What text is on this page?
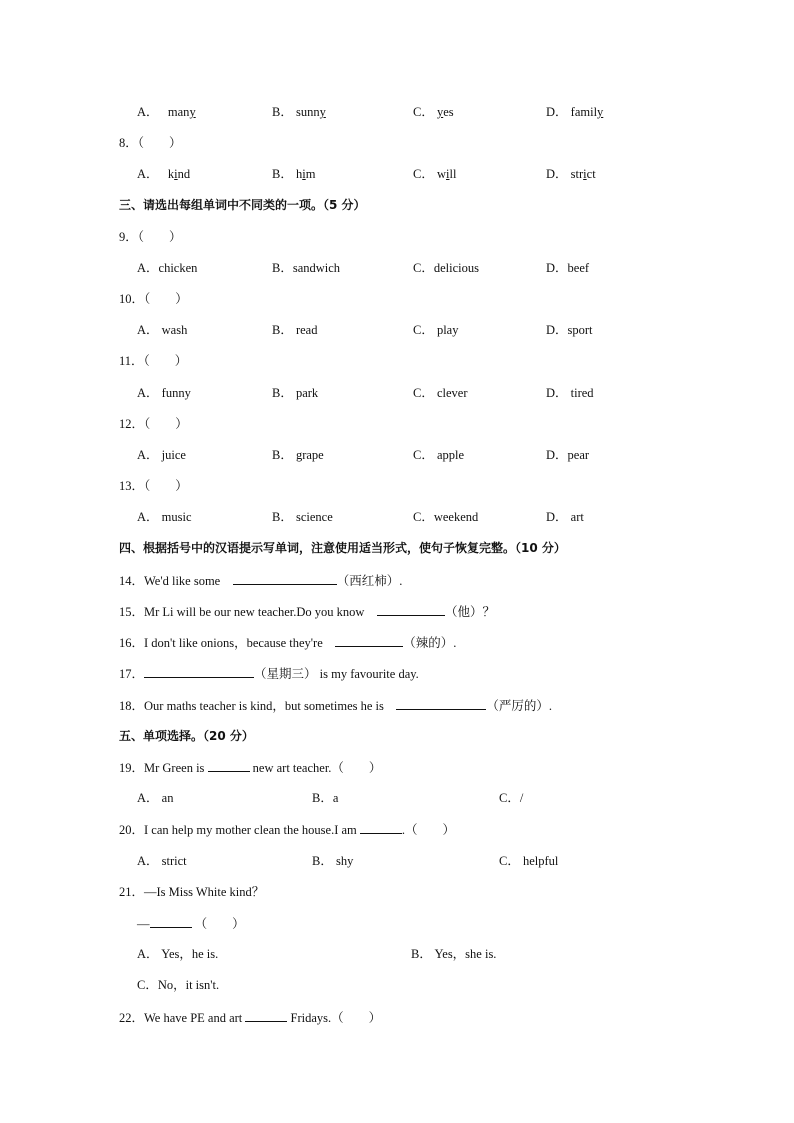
A． many	B． sunny	C． yes	D． family
8．（　　）
A． kind	B． him	C． will	D． strict
三、请选出每组单词中不同类的一项。（5 分）
9．（　　）
A．chicken	B．sandwich	C．delicious	D．beef
10．（　　）
A． wash	B． read	C． play	D．sport
11．（　　）
A． funny	B． park	C． clever	D． tired
12．（　　）
A． juice	B． grape	C． apple	D．pear
13．（　　）
A． music	B． science	C．weekend	D． art
四、根据括号中的汉语提示写单词，注意使用适当形式，使句子恢复完整。（10 分）
14．We'd like some	（西红柿）.
15．Mr Li will be our new teacher.Do you know	（他）？
16．I don't like onions，because they're	（辣的）.
17．	（星期三） is my favourite day.
18．Our maths teacher is kind，but sometimes he is	（严厉的）.
五、单项选择。（20 分）
19．Mr Green is	new art teacher.（　　）
A． an	B．a	C．/
20．I can help my mother clean the house.I am	.（　　）
A． strict	B． shy	C． helpful
21．—Is Miss White kind？
—	（　　）
A． Yes，he is.	B． Yes，she is.
C．No，it isn't.
22．We have PE and art	Fridays.（　　）
